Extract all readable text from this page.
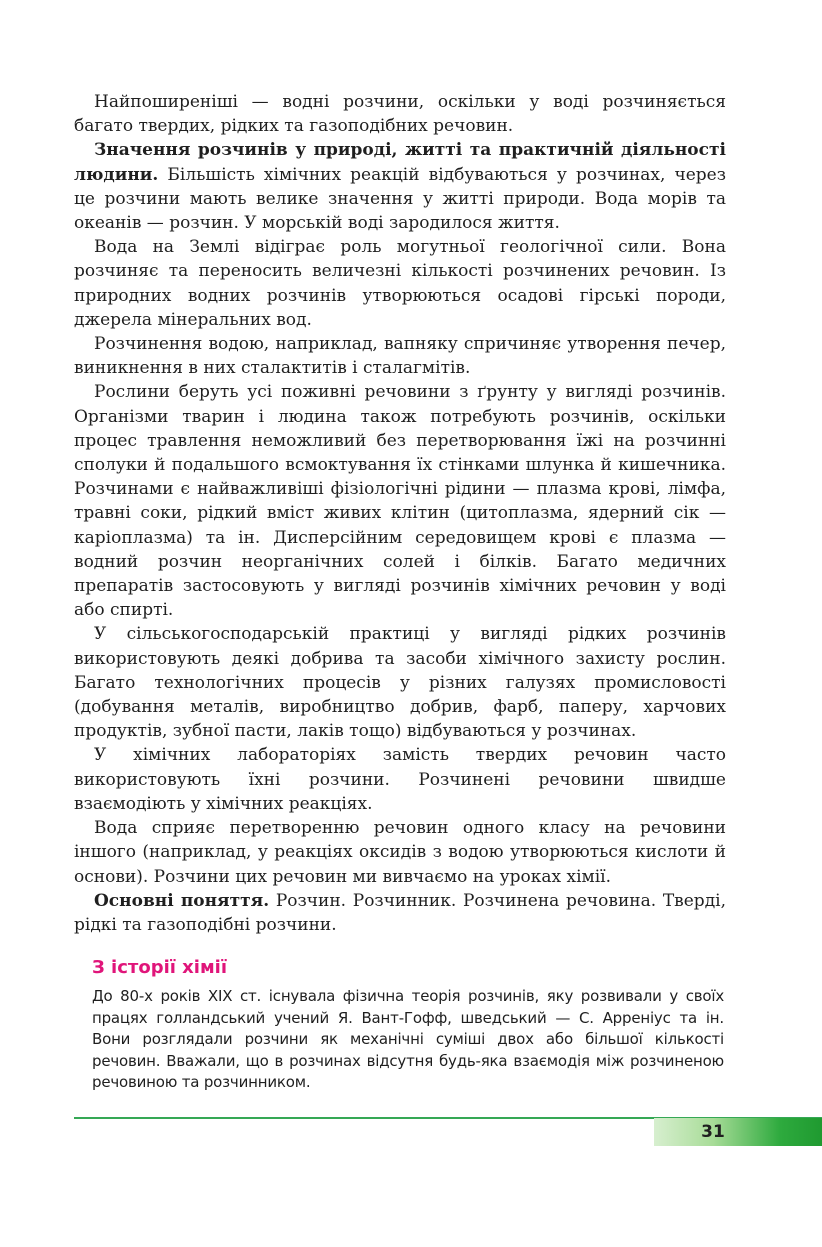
Найпоширеніші — водні розчини, оскільки у воді розчиняється багато твердих, рідких та газоподібних речовин.

Значення розчинів у природі, житті та практичній діяльності людини. Більшість хімічних реакцій відбуваються у розчинах, через це розчини мають велике значення у житті природи. Вода морів та океанів — розчин. У морській воді зародилося життя.

Вода на Землі відіграє роль могутньої геологічної сили. Вона розчиняє та переносить величезні кількості розчинених речовин. Із природних водних розчинів утворюються осадові гірські породи, джерела мінеральних вод.

Розчинення водою, наприклад, вапняку спричиняє утворення печер, виникнення в них сталактитів і сталагмітів.

Рослини беруть усі поживні речовини з ґрунту у вигляді розчинів. Організми тварин і людина також потребують розчинів, оскільки процес травлення неможливий без перетворювання їжі на розчинні сполуки й подальшого всмоктування їх стінками шлунка й кишечника. Розчинами є найважливіші фізіологічні рідини — плазма крові, лімфа, травні соки, рідкий вміст живих клітин (цитоплазма, ядерний сік — каріоплазма) та ін. Дисперсійним середовищем крові є плазма — водний розчин неорганічних солей і білків. Багато медичних препаратів застосовують у вигляді розчинів хімічних речовин у воді або спирті.

У сільськогосподарській практиці у вигляді рідких розчинів використовують деякі добрива та засоби хімічного захисту рослин. Багато технологічних процесів у різних галузях промисловості (добування металів, виробництво добрив, фарб, паперу, харчових продуктів, зубної пасти, лаків тощо) відбуваються у розчинах.

У хімічних лабораторіях замість твердих речовин часто використовують їхні розчини. Розчинені речовини швидше взаємодіють у хімічних реакціях.

Вода сприяє перетворенню речовин одного класу на речовини іншого (наприклад, у реакціях оксидів з водою утворюються кислоти й основи). Розчини цих речовин ми вивчаємо на уроках хімії.

Основні поняття. Розчин. Розчинник. Розчинена речовина. Тверді, рідкі та газоподібні розчини.

З історії хімії

До 80-х років XIX ст. існувала фізична теорія розчинів, яку розвивали у своїх працях голландський учений Я. Вант-Гофф, шведський — С. Арреніус та ін. Вони розглядали розчини як механічні суміші двох або більшої кількості речовин. Вважали, що в розчинах відсутня будь-яка взаємодія між розчиненою речовиною та розчинником.

31
